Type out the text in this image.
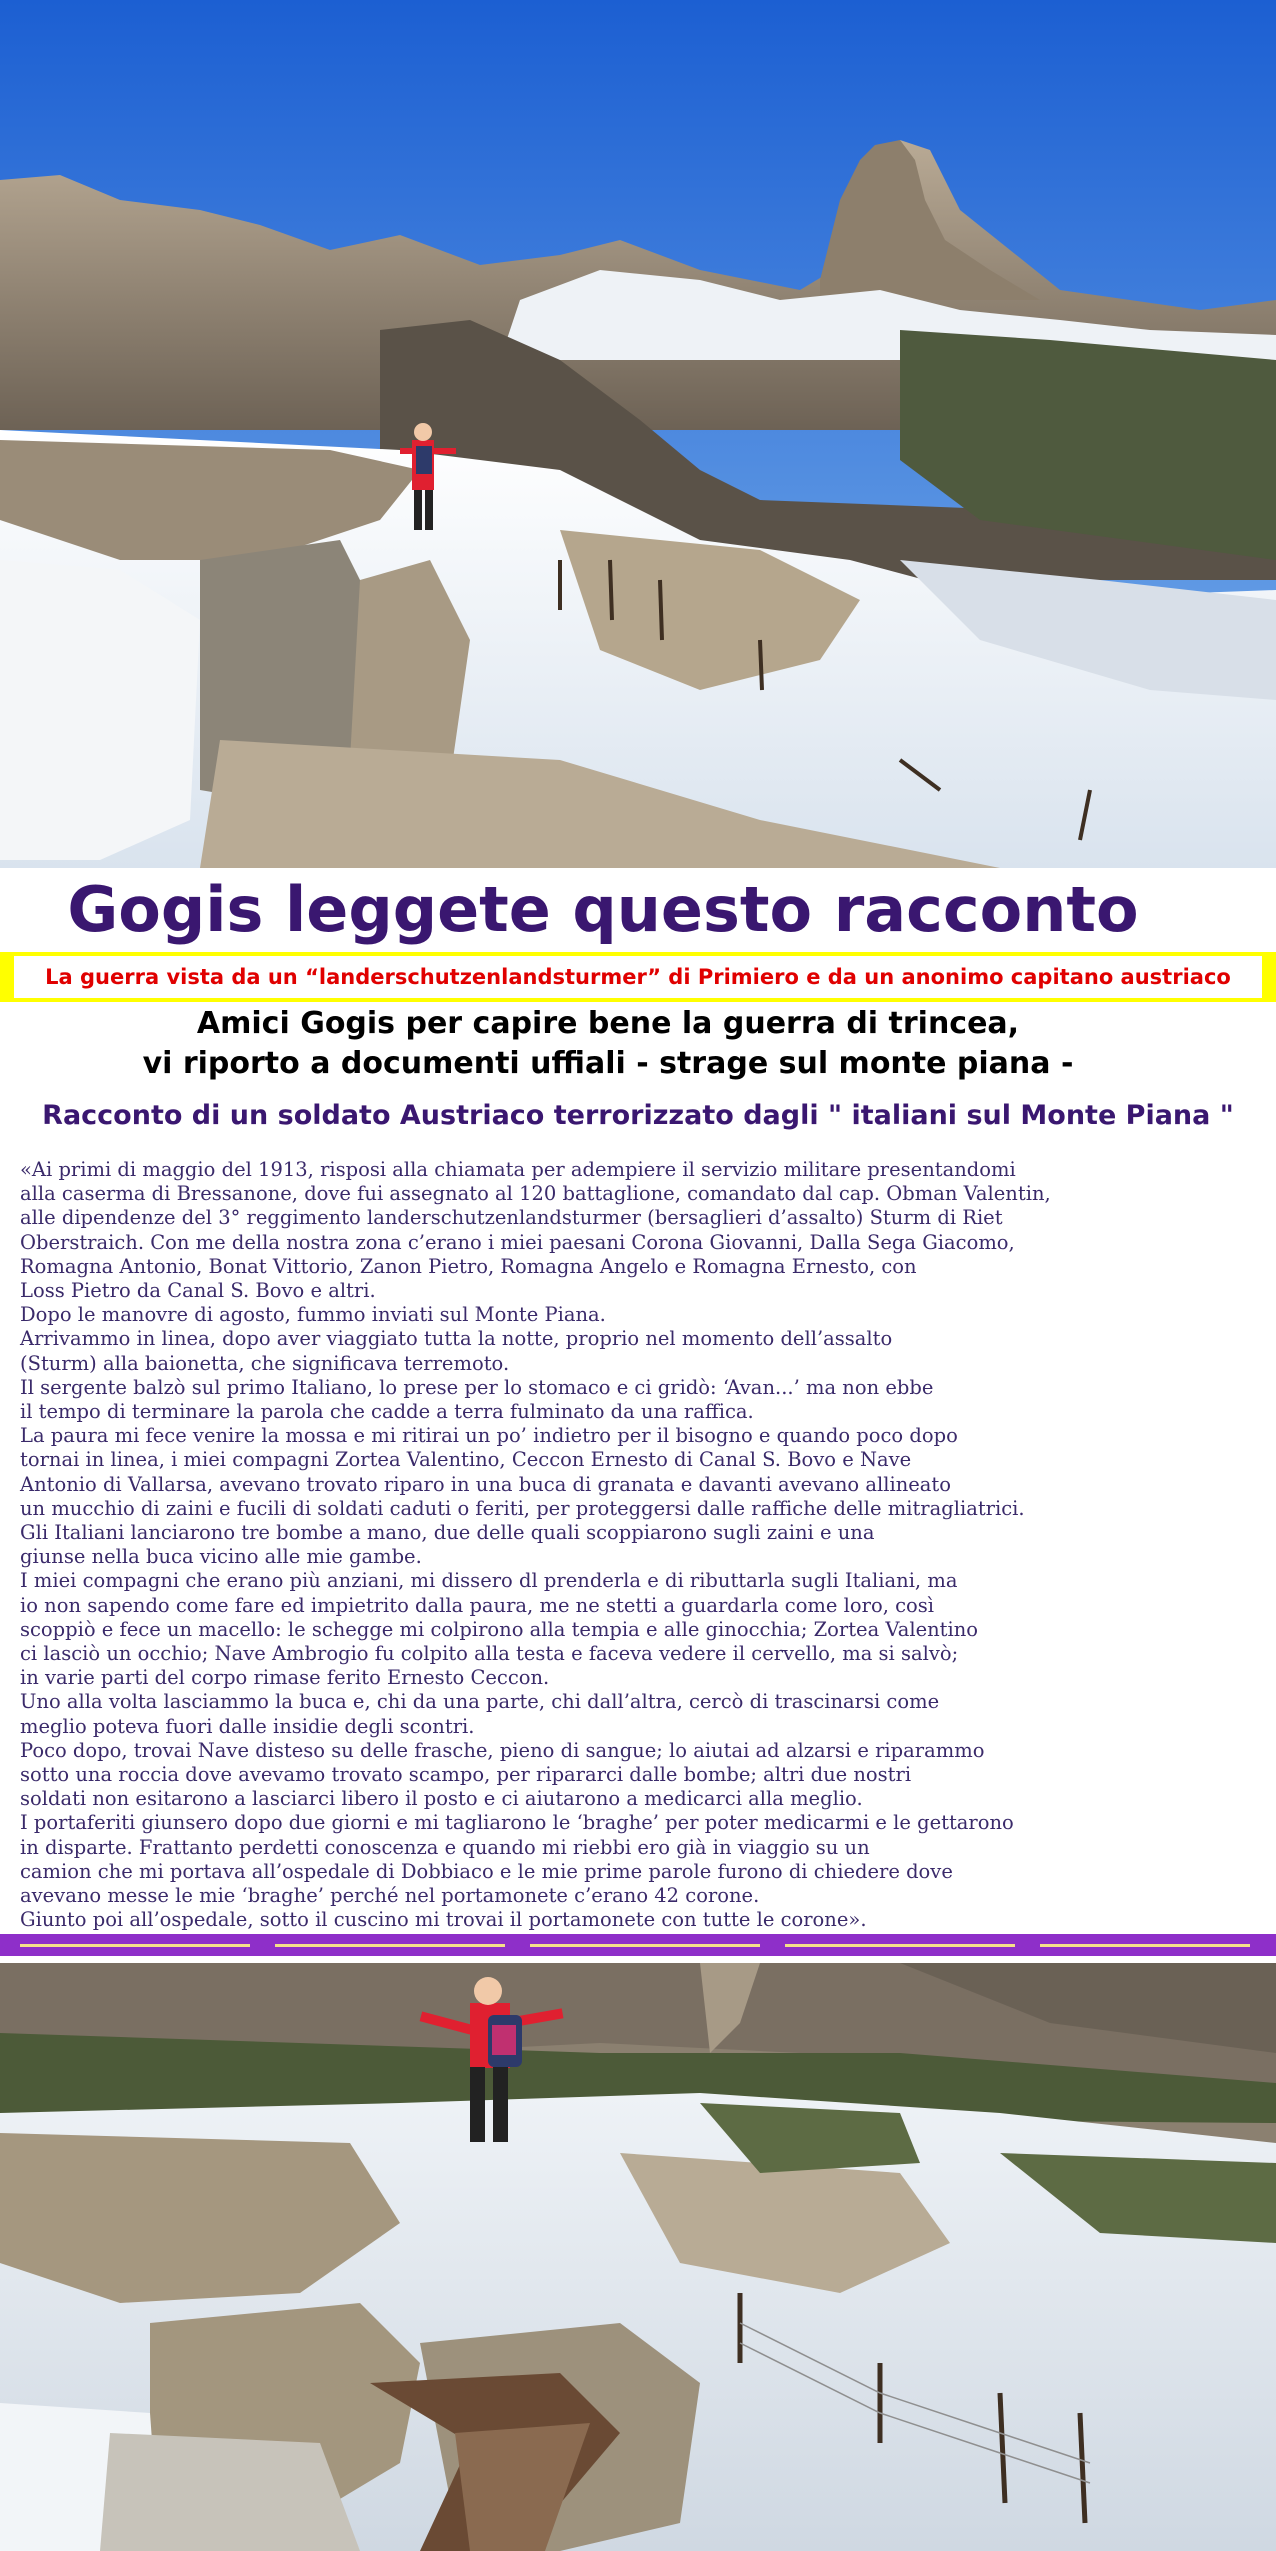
Gogis leggete questo racconto
La guerra vista da un “landerschutzenlandsturmer” di Primiero e da un anonimo capitano austriaco
Amici Gogis per capire bene la guerra di trincea,
vi riporto a documenti uffiali - strage sul monte piana -
Racconto di un soldato Austriaco terrorizzato dagli " italiani sul Monte Piana "
«Ai primi di maggio del 1913, risposi alla chiamata per adempiere il servizio militare presentandomi
alla caserma di Bressanone, dove fui assegnato al 120 battaglione, comandato dal cap. Obman Valentin,
alle dipendenze del 3° reggimento landerschutzenlandsturmer (bersaglieri d’assalto) Sturm di Riet
Oberstraich. Con me della nostra zona c’erano i miei paesani Corona Giovanni, Dalla Sega Giacomo,
Romagna Antonio, Bonat Vittorio, Zanon Pietro, Romagna Angelo e Romagna Ernesto, con
Loss Pietro da Canal S. Bovo e altri.
Dopo le manovre di agosto, fummo inviati sul Monte Piana.
Arrivammo in linea, dopo aver viaggiato tutta la notte, proprio nel momento dell’assalto
(Sturm) alla baionetta, che significava terremoto.
Il sergente balzò sul primo Italiano, lo prese per lo stomaco e ci gridò: ‘Avan...’ ma non ebbe
il tempo di terminare la parola che cadde a terra fulminato da una raffica.
La paura mi fece venire la mossa e mi ritirai un po’ indietro per il bisogno e quando poco dopo
tornai in linea, i miei compagni Zortea Valentino, Ceccon Ernesto di Canal S. Bovo e Nave
Antonio di Vallarsa, avevano trovato riparo in una buca di granata e davanti avevano allineato
un mucchio di zaini e fucili di soldati caduti o feriti, per proteggersi dalle raffiche delle mitragliatrici.
Gli Italiani lanciarono tre bombe a mano, due delle quali scoppiarono sugli zaini e una
giunse nella buca vicino alle mie gambe.
I miei compagni che erano più anziani, mi dissero dl prenderla e di ributtarla sugli Italiani, ma
io non sapendo come fare ed impietrito dalla paura, me ne stetti a guardarla come loro, così
scoppiò e fece un macello: le schegge mi colpirono alla tempia e alle ginocchia; Zortea Valentino
ci lasciò un occhio; Nave Ambrogio fu colpito alla testa e faceva vedere il cervello, ma si salvò;
in varie parti del corpo rimase ferito Ernesto Ceccon.
Uno alla volta lasciammo la buca e, chi da una parte, chi dall’altra, cercò di trascinarsi come
meglio poteva fuori dalle insidie degli scontri.
Poco dopo, trovai Nave disteso su delle frasche, pieno di sangue; lo aiutai ad alzarsi e riparammo
sotto una roccia dove avevamo trovato scampo, per ripararci dalle bombe; altri due nostri
soldati non esitarono a lasciarci libero il posto e ci aiutarono a medicarci alla meglio.
I portaferiti giunsero dopo due giorni e mi tagliarono le ‘braghe’ per poter medicarmi e le gettarono
in disparte. Frattanto perdetti conoscenza e quando mi riebbi ero già in viaggio su un
camion che mi portava all’ospedale di Dobbiaco e le mie prime parole furono di chiedere dove
avevano messe le mie ‘braghe’ perché nel portamonete c’erano 42 corone.
Giunto poi all’ospedale, sotto il cuscino mi trovai il portamonete con tutte le corone».
